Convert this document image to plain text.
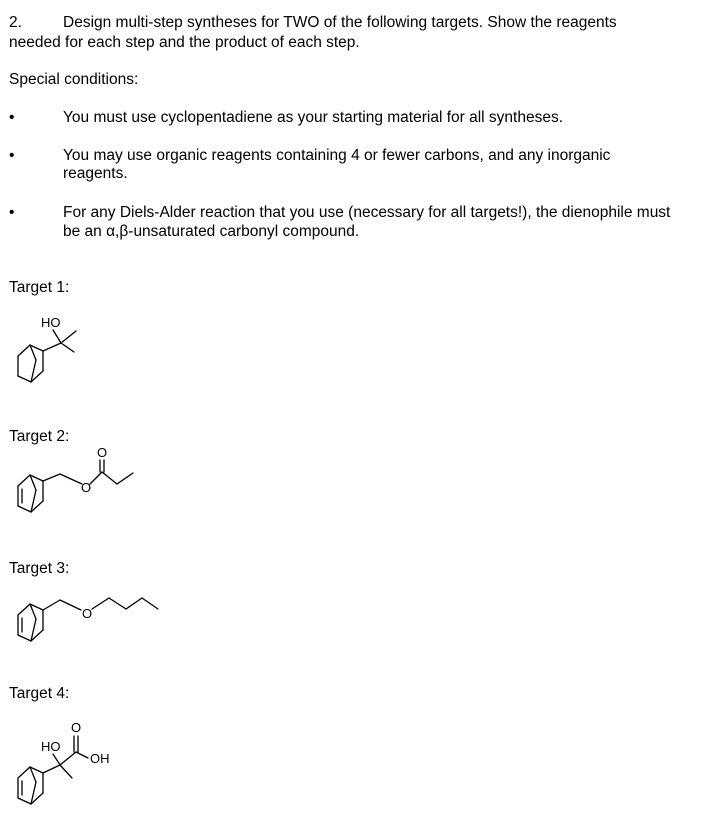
2.	Design multi-step syntheses for TWO of the following targets. Show the reagents
needed for each step and the product of each step.
Special conditions:
•	You must use cyclopentadiene as your starting material for all syntheses.
•	You may use organic reagents containing 4 or fewer carbons, and any inorganic
reagents.
•	For any Diels-Alder reaction that you use (necessary for all targets!), the dienophile must
be an α,β-unsaturated carbonyl compound.
Target 1:
HO
Target 2:
O
O
Target 3:
O
Target 4:
HO
O
OH
